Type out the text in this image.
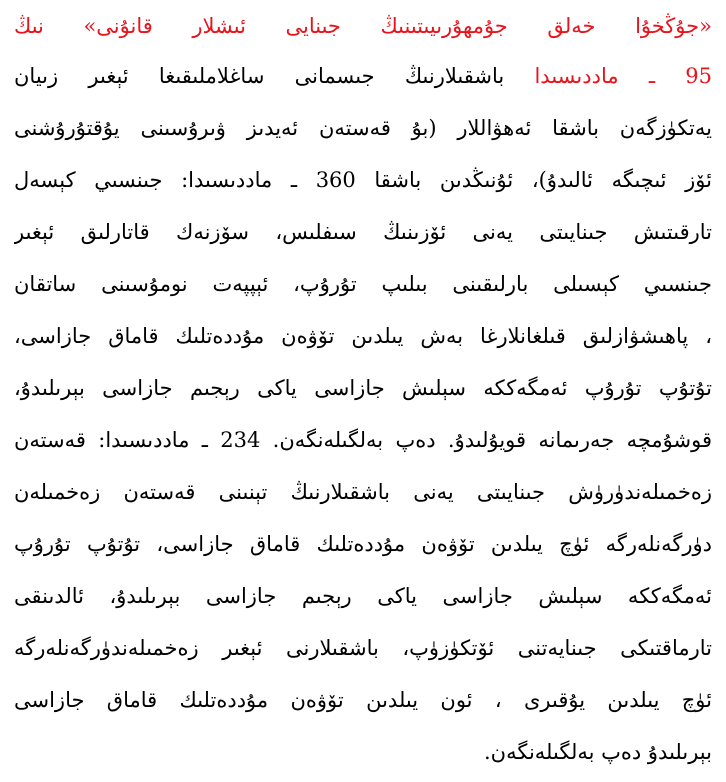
«جۇڭخۇا خەلق جۇمھۇرىيىتىنىڭ جىنايى ئىشلار قانۇنى» نىڭ
95 ـ ماددىسىدا باشقىلارنىڭ جىسمانى ساغلاملىقىغا ئېغىر زىيان
يەتكۈزگەن باشقا ئەھۋاللار (بۇ قەستەن ئەيدىز ۋىرۇسىنى يۇقتۇرۇشنى
ئۆز ئىچىگە ئالىدۇ)، ئۇنىڭدىن باشقا 360 ـ ماددىسىدا: جىنسىي كېسەل
تارقىتىش جىنايىتى يەنى ئۆزىنىڭ سىفلىس، سۆزنەك قاتارلىق ئېغىر
جىنسىي كېسىلى بارلىقىنى بىلىپ تۇرۇپ، ئېپپەت نومۇسىنى ساتقان
، پاھىشۋازلىق قىلغانلارغا بەش يىلدىن تۆۋەن مۇددەتلىك قاماق جازاسى،
تۇتۇپ تۇرۇپ ئەمگەككە سېلىش جازاسى ياكى رېجىم جازاسى بېرىلىدۇ،
قوشۇمچە جەرىمانە قويۇلىدۇ. دەپ بەلگىلەنگەن. 234 ـ ماددىسىدا: قەستەن
زەخمىلەندۈرۈش جىنايىتى يەنى باشقىلارنىڭ تېنىنى قەستەن زەخمىلەن
دۈرگەنلەرگە ئۈچ يىلدىن تۆۋەن مۇددەتلىك قاماق جازاسى، تۇتۇپ تۇرۇپ
ئەمگەككە سېلىش جازاسى ياكى رېجىم جازاسى بېرىلىدۇ، ئالدىنقى
تارماقتىكى جىنايەتنى ئۆتكۈزۈپ، باشقىلارنى ئېغىر زەخمىلەندۈرگەنلەرگە
ئۈچ يىلدىن يۇقىرى ، ئون يىلدىن تۆۋەن مۇددەتلىك قاماق جازاسى
بېرىلىدۇ دەپ بەلگىلەنگەن.
